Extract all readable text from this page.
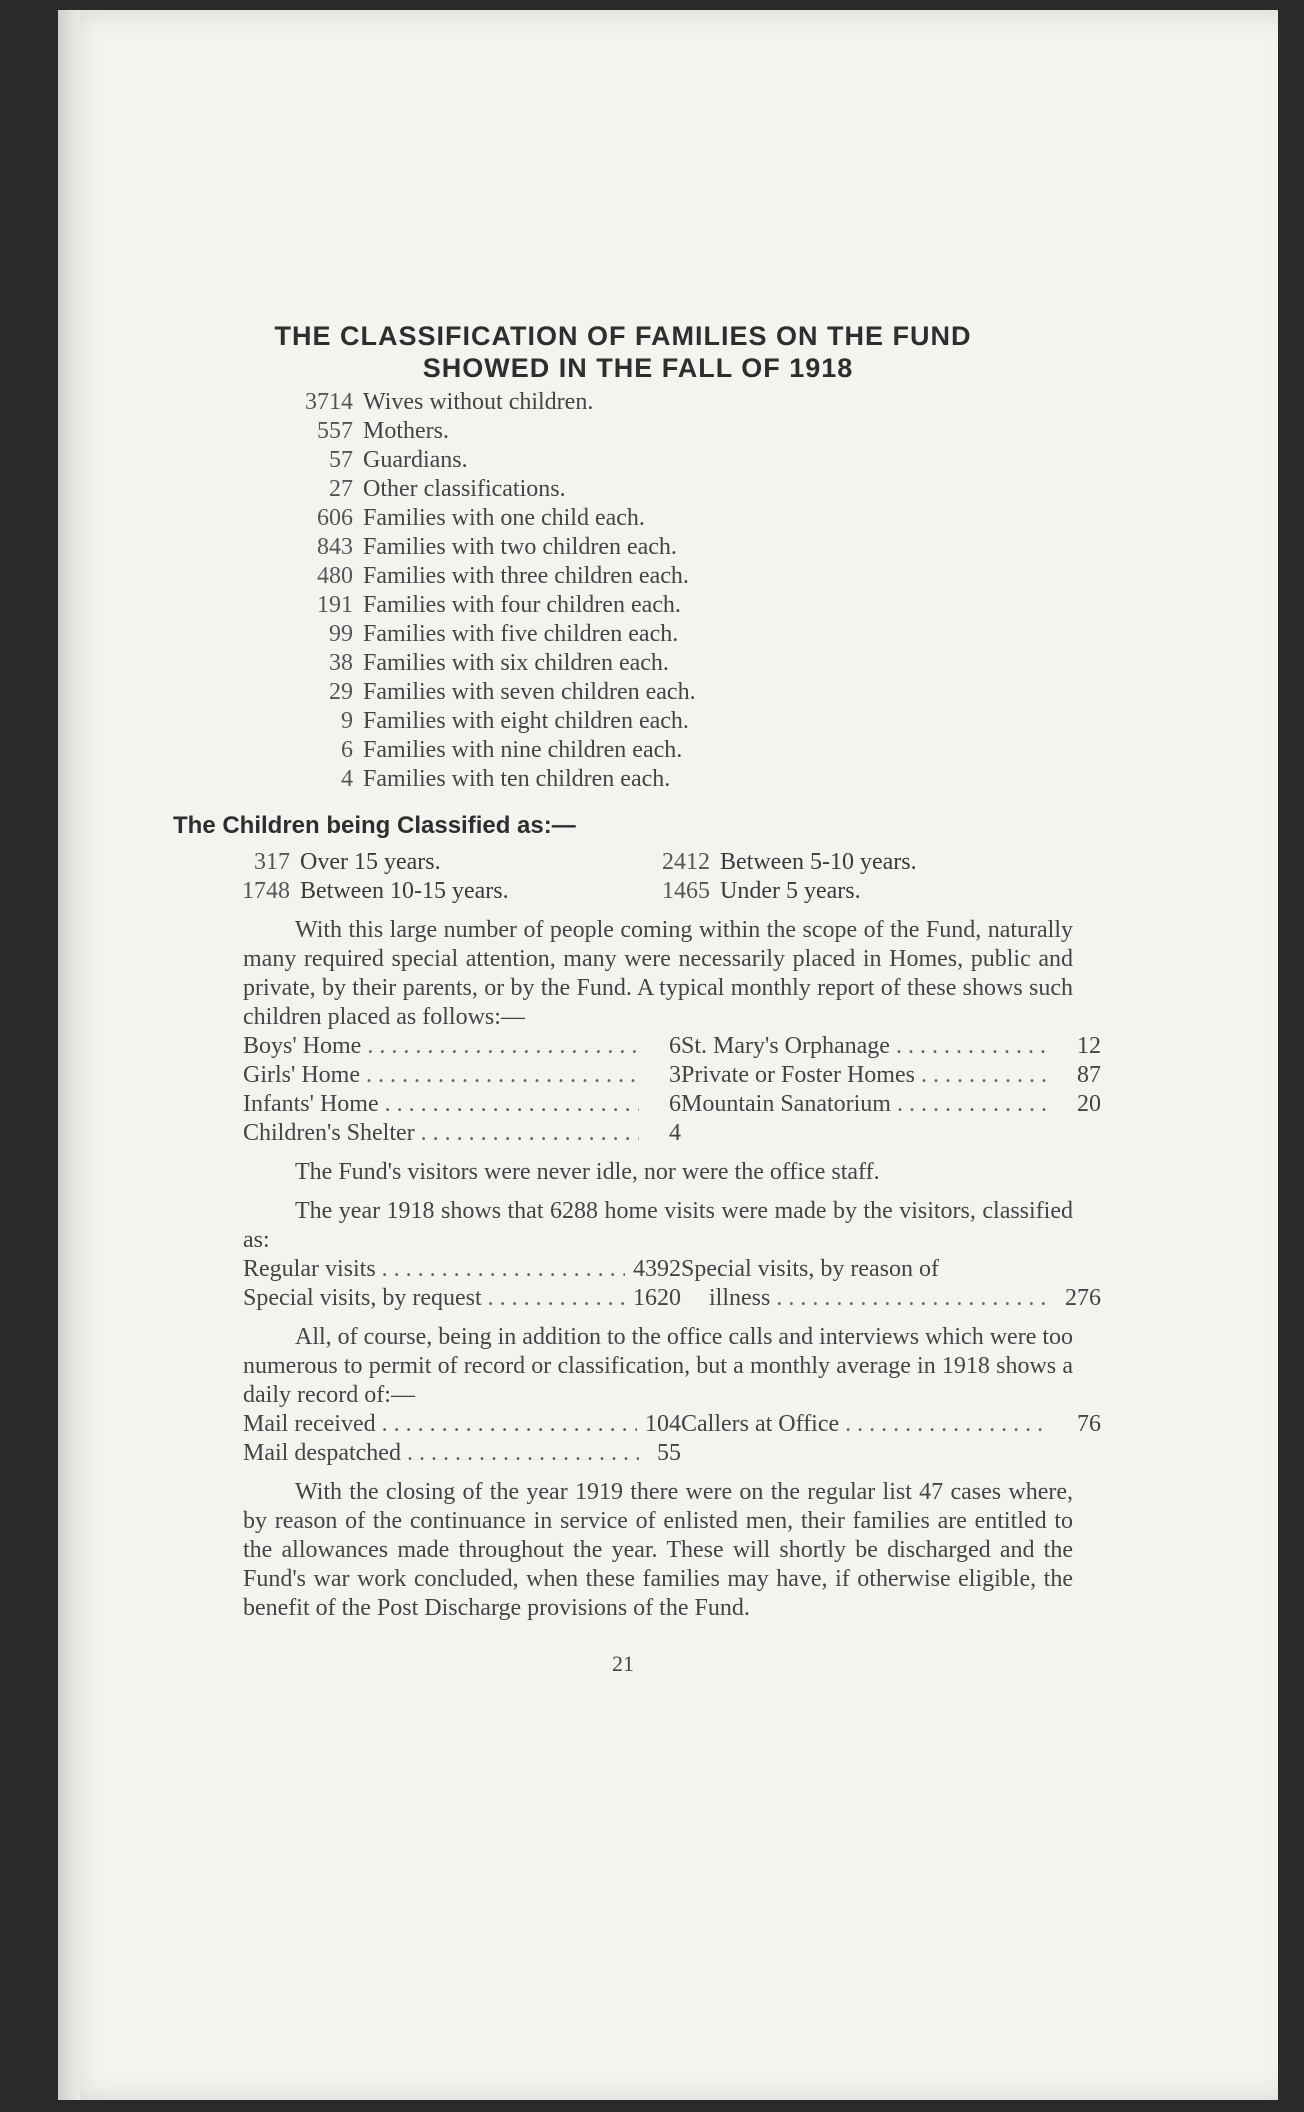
THE CLASSIFICATION OF FAMILIES ON THE FUND
SHOWED IN THE FALL OF 1918
3714 Wives without children.
557 Mothers.
57 Guardians.
27 Other classifications.
606 Families with one child each.
843 Families with two children each.
480 Families with three children each.
191 Families with four children each.
99 Families with five children each.
38 Families with six children each.
29 Families with seven children each.
9 Families with eight children each.
6 Families with nine children each.
4 Families with ten children each.
The Children being Classified as:—
317 Over 15 years.	2412 Between 5-10 years.
1748 Between 10-15 years.	1465 Under 5 years.

With this large number of people coming within the scope of the Fund, naturally many required special attention, many were necessarily placed in Homes, public and private, by their parents, or by the Fund. A typical monthly report of these shows such children placed as follows:—

Boys' Home . . .	6
Girls' Home . . .	3
Infants' Home . . .	6
Children's Shelter . . .	4
St. Mary's Orphanage . . .	12
Private or Foster Homes . . .	87
Mountain Sanatorium . . .	20

The Fund's visitors were never idle, nor were the office staff.

The year 1918 shows that 6288 home visits were made by the visitors, classified as:

Regular visits . . .	4392
Special visits, by request . . .	1620
Special visits, by reason of
illness . . .	276

All, of course, being in addition to the office calls and interviews which were too numerous to permit of record or classification, but a monthly average in 1918 shows a daily record of:—

Mail received . . .	104
Mail despatched . . .	55
Callers at Office . . .	76

With the closing of the year 1919 there were on the regular list 47 cases where, by reason of the continuance in service of enlisted men, their families are entitled to the allowances made throughout the year. These will shortly be discharged and the Fund's war work concluded, when these families may have, if otherwise eligible, the benefit of the Post Discharge provisions of the Fund.

21
